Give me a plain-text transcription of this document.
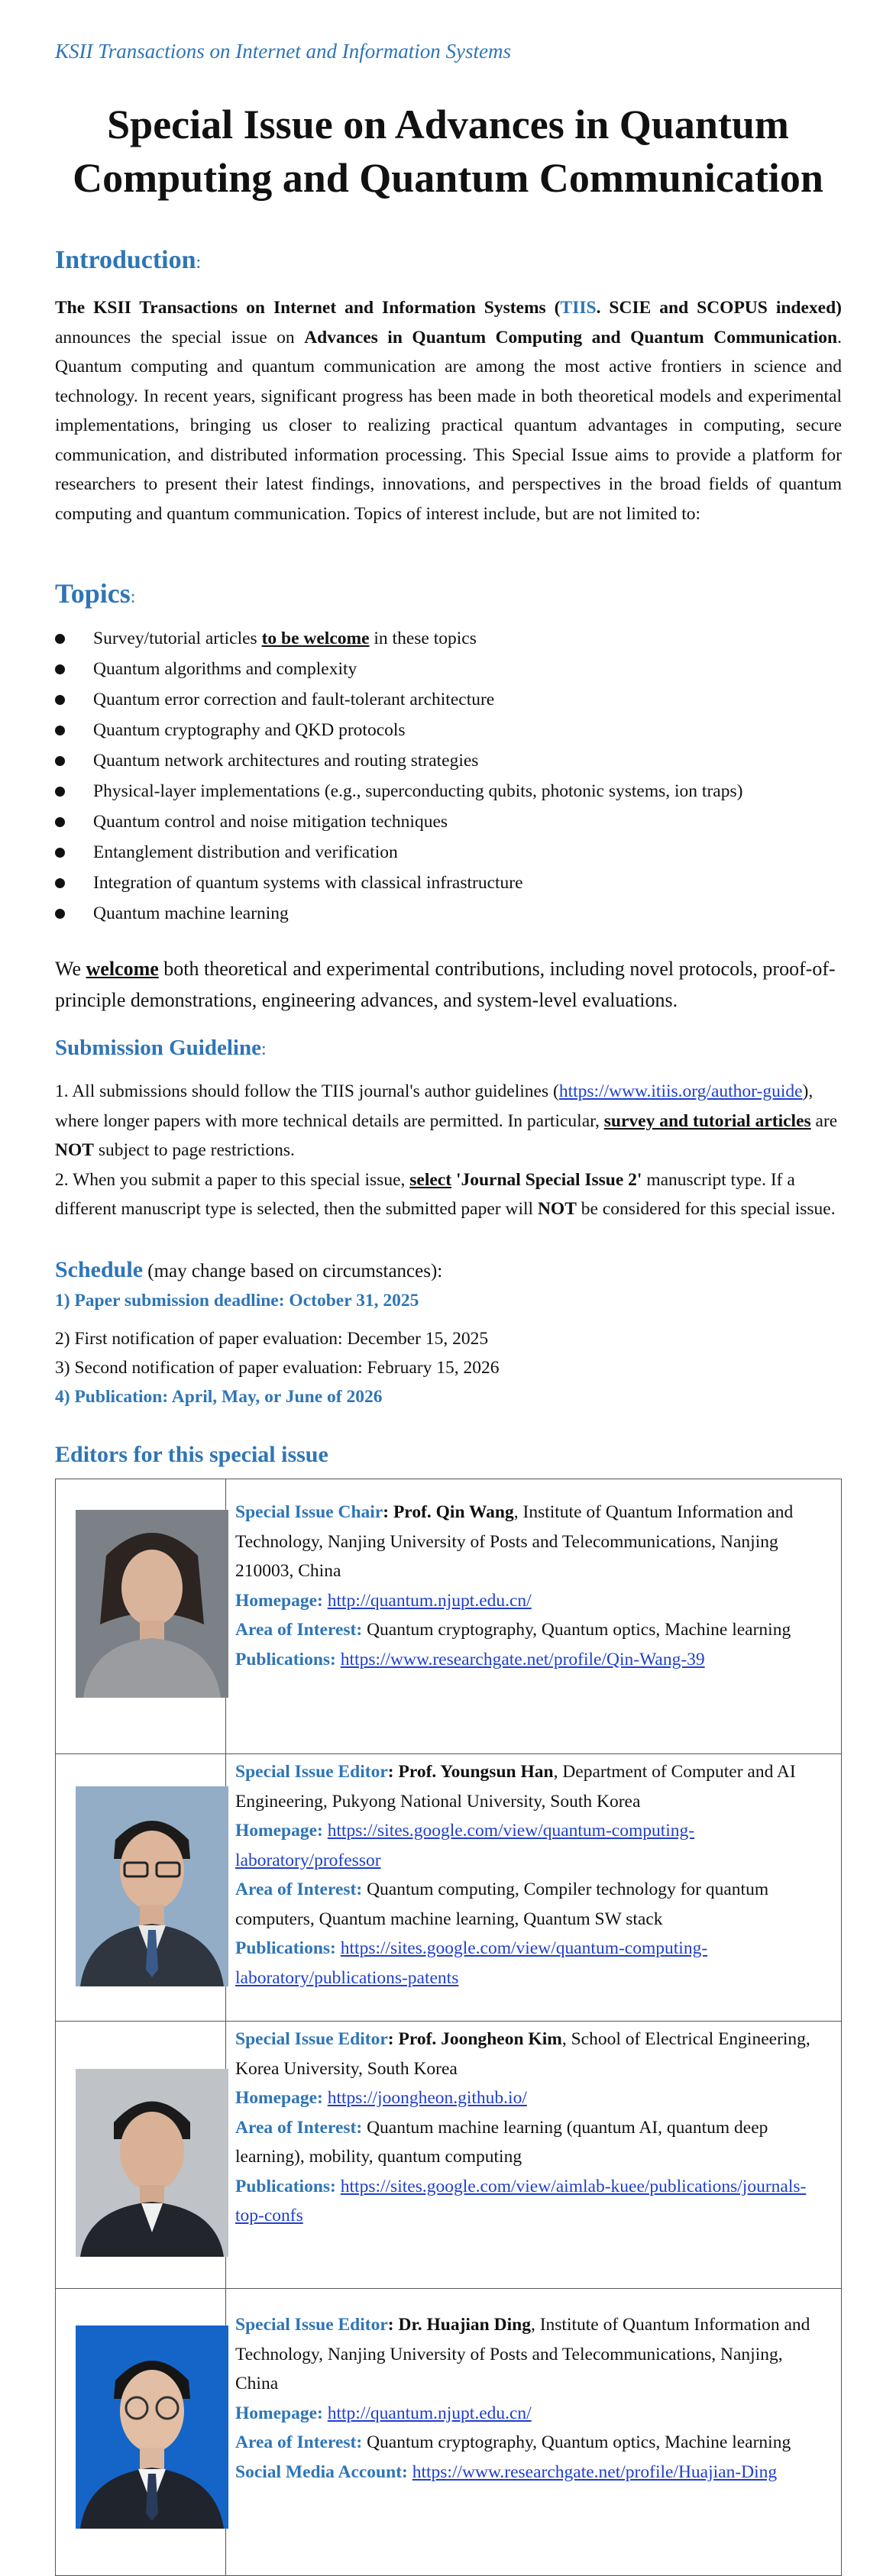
KSII Transactions on Internet and Information Systems
Special Issue on Advances in Quantum
Computing and Quantum Communication
Introduction:
The KSII Transactions on Internet and Information Systems (TIIS. SCIE and SCOPUS indexed) announces the special issue on Advances in Quantum Computing and Quantum Communication. Quantum computing and quantum communication are among the most active frontiers in science and technology. In recent years, significant progress has been made in both theoretical models and experimental implementations, bringing us closer to realizing practical quantum advantages in computing, secure communication, and distributed information processing. This Special Issue aims to provide a platform for researchers to present their latest findings, innovations, and perspectives in the broad fields of quantum computing and quantum communication. Topics of interest include, but are not limited to:
Topics:
Survey/tutorial articles to be welcome in these topics
Quantum algorithms and complexity
Quantum error correction and fault-tolerant architecture
Quantum cryptography and QKD protocols
Quantum network architectures and routing strategies
Physical-layer implementations (e.g., superconducting qubits, photonic systems, ion traps)
Quantum control and noise mitigation techniques
Entanglement distribution and verification
Integration of quantum systems with classical infrastructure
Quantum machine learning
We welcome both theoretical and experimental contributions, including novel protocols, proof-of-principle demonstrations, engineering advances, and system-level evaluations.
Submission Guideline:
1. All submissions should follow the TIIS journal's author guidelines (https://www.itiis.org/author-guide), where longer papers with more technical details are permitted. In particular, survey and tutorial articles are NOT subject to page restrictions.
2. When you submit a paper to this special issue, select 'Journal Special Issue 2' manuscript type. If a different manuscript type is selected, then the submitted paper will NOT be considered for this special issue.
Schedule (may change based on circumstances):
1) Paper submission deadline: October 31, 2025
2) First notification of paper evaluation: December 15, 2025
3) Second notification of paper evaluation: February 15, 2026
4) Publication: April, May, or June of 2026
Editors for this special issue

Special Issue Chair: Prof. Qin Wang, Institute of Quantum Information and Technology, Nanjing University of Posts and Telecommunications, Nanjing 210003, China
Homepage: http://quantum.njupt.edu.cn/
Area of Interest: Quantum cryptography, Quantum optics, Machine learning
Publications: https://www.researchgate.net/profile/Qin-Wang-39

Special Issue Editor: Prof. Youngsun Han, Department of Computer and AI Engineering, Pukyong National University, South Korea
Homepage: https://sites.google.com/view/quantum-computing-laboratory/professor
Area of Interest: Quantum computing, Compiler technology for quantum computers, Quantum machine learning, Quantum SW stack
Publications: https://sites.google.com/view/quantum-computing-laboratory/publications-patents

Special Issue Editor: Prof. Joongheon Kim, School of Electrical Engineering, Korea University, South Korea
Homepage: https://joongheon.github.io/
Area of Interest: Quantum machine learning (quantum AI, quantum deep learning), mobility, quantum computing
Publications: https://sites.google.com/view/aimlab-kuee/publications/journals-top-confs

Special Issue Editor: Dr. Huajian Ding, Institute of Quantum Information and Technology, Nanjing University of Posts and Telecommunications, Nanjing, China
Homepage: http://quantum.njupt.edu.cn/
Area of Interest: Quantum cryptography, Quantum optics, Machine learning
Social Media Account: https://www.researchgate.net/profile/Huajian-Ding
